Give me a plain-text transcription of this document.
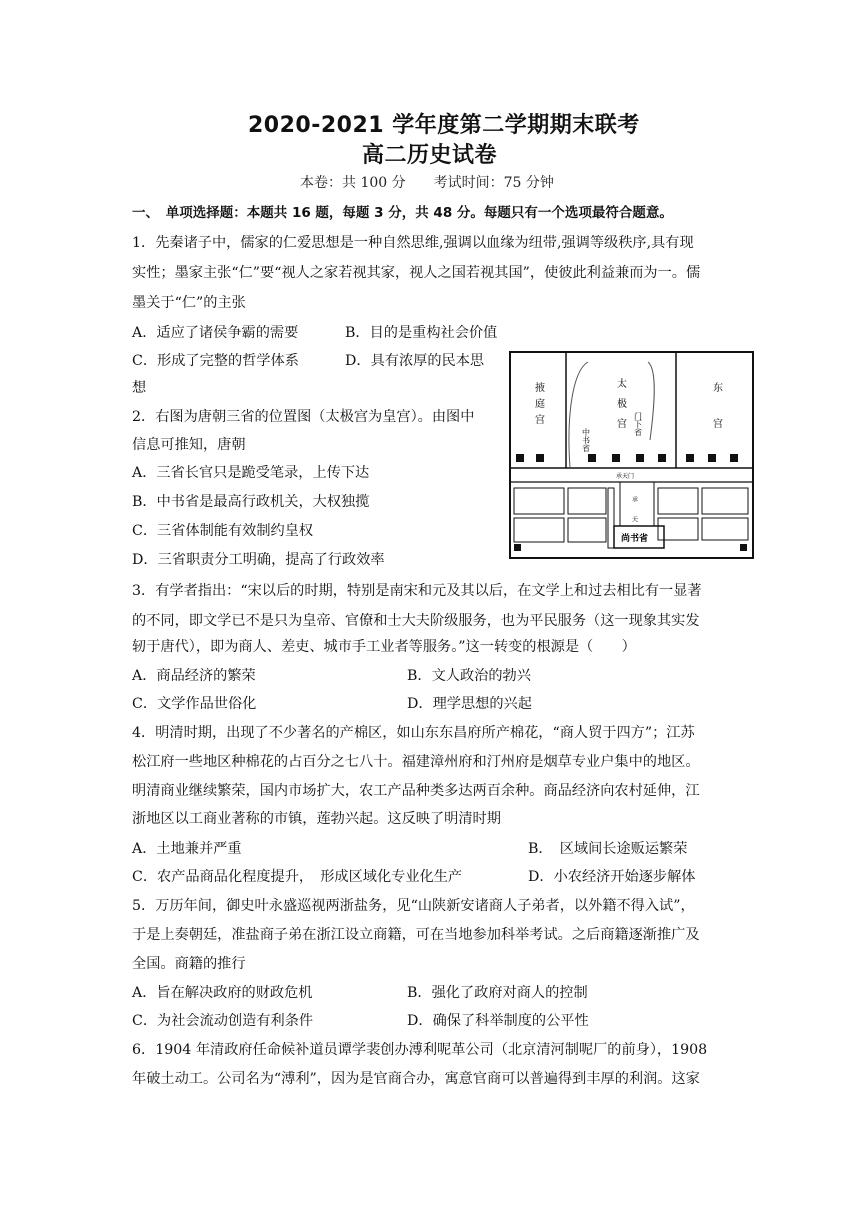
2020-2021 学年度第二学期期末联考
高二历史试卷
本卷：共 100 分　　考试时间：75 分钟
一、　单项选择题：本题共 16 题，每题 3 分，共 48 分。每题只有一个选项最符合题意。
1．先秦诸子中，儒家的仁爱思想是一种自然思维,强调以血缘为纽带,强调等级秩序,具有现
实性；墨家主张“仁”要“视人之家若视其家，视人之国若视其国”，使彼此利益兼而为一。儒
墨关于“仁”的主张
A．适应了诸侯争霸的需要	B．目的是重构社会价值
C．形成了完整的哲学体系	D．具有浓厚的民本思
想
2．右图为唐朝三省的位置图（太极宫为皇宫）。由图中
信息可推知，唐朝
A．三省长官只是跪受笔录，上传下达
B．中书省是最高行政机关，大权独揽
C．三省体制能有效制约皇权
D．三省职责分工明确，提高了行政效率
掖庭宫	太极宫	东宫
中书省
门下省
承天门
承天
尚书省
3．有学者指出：“宋以后的时期，特别是南宋和元及其以后，在文学上和过去相比有一显著
的不同，即文学已不是只为皇帝、官僚和士大夫阶级服务，也为平民服务（这一现象其实发
轫于唐代），即为商人、差吏、城市手工业者等服务。”这一转变的根源是（　　）
A．商品经济的繁荣	B．文人政治的勃兴
C．文学作品世俗化	D．理学思想的兴起
4．明清时期，出现了不少著名的产棉区，如山东东昌府所产棉花，“商人贸于四方”；江苏
松江府一些地区种棉花的占百分之七八十。福建漳州府和汀州府是烟草专业户集中的地区。
明清商业继续繁荣，国内市场扩大，农工产品种类多达两百余种。商品经济向农村延伸，江
浙地区以工商业著称的市镇，莲勃兴起。这反映了明清时期
A．土地兼并严重	B．　区域间长途贩运繁荣
C．农产品商品化程度提升，　形成区域化专业化生产	D．小农经济开始逐步解体
5．万历年间，御史叶永盛巡视两浙盐务，见“山陕新安诸商人子弟者，以外籍不得入试”，
于是上奏朝廷，准盐商子弟在浙江设立商籍，可在当地参加科举考试。之后商籍逐渐推广及
全国。商籍的推行
A．旨在解决政府的财政危机	B．强化了政府对商人的控制
C．为社会流动创造有利条件	D．确保了科举制度的公平性
6．1904 年清政府任命候补道员谭学裴创办溥利呢革公司（北京清河制呢厂的前身），1908
年破土动工。公司名为“溥利”，因为是官商合办，寓意官商可以普遍得到丰厚的利润。这家
